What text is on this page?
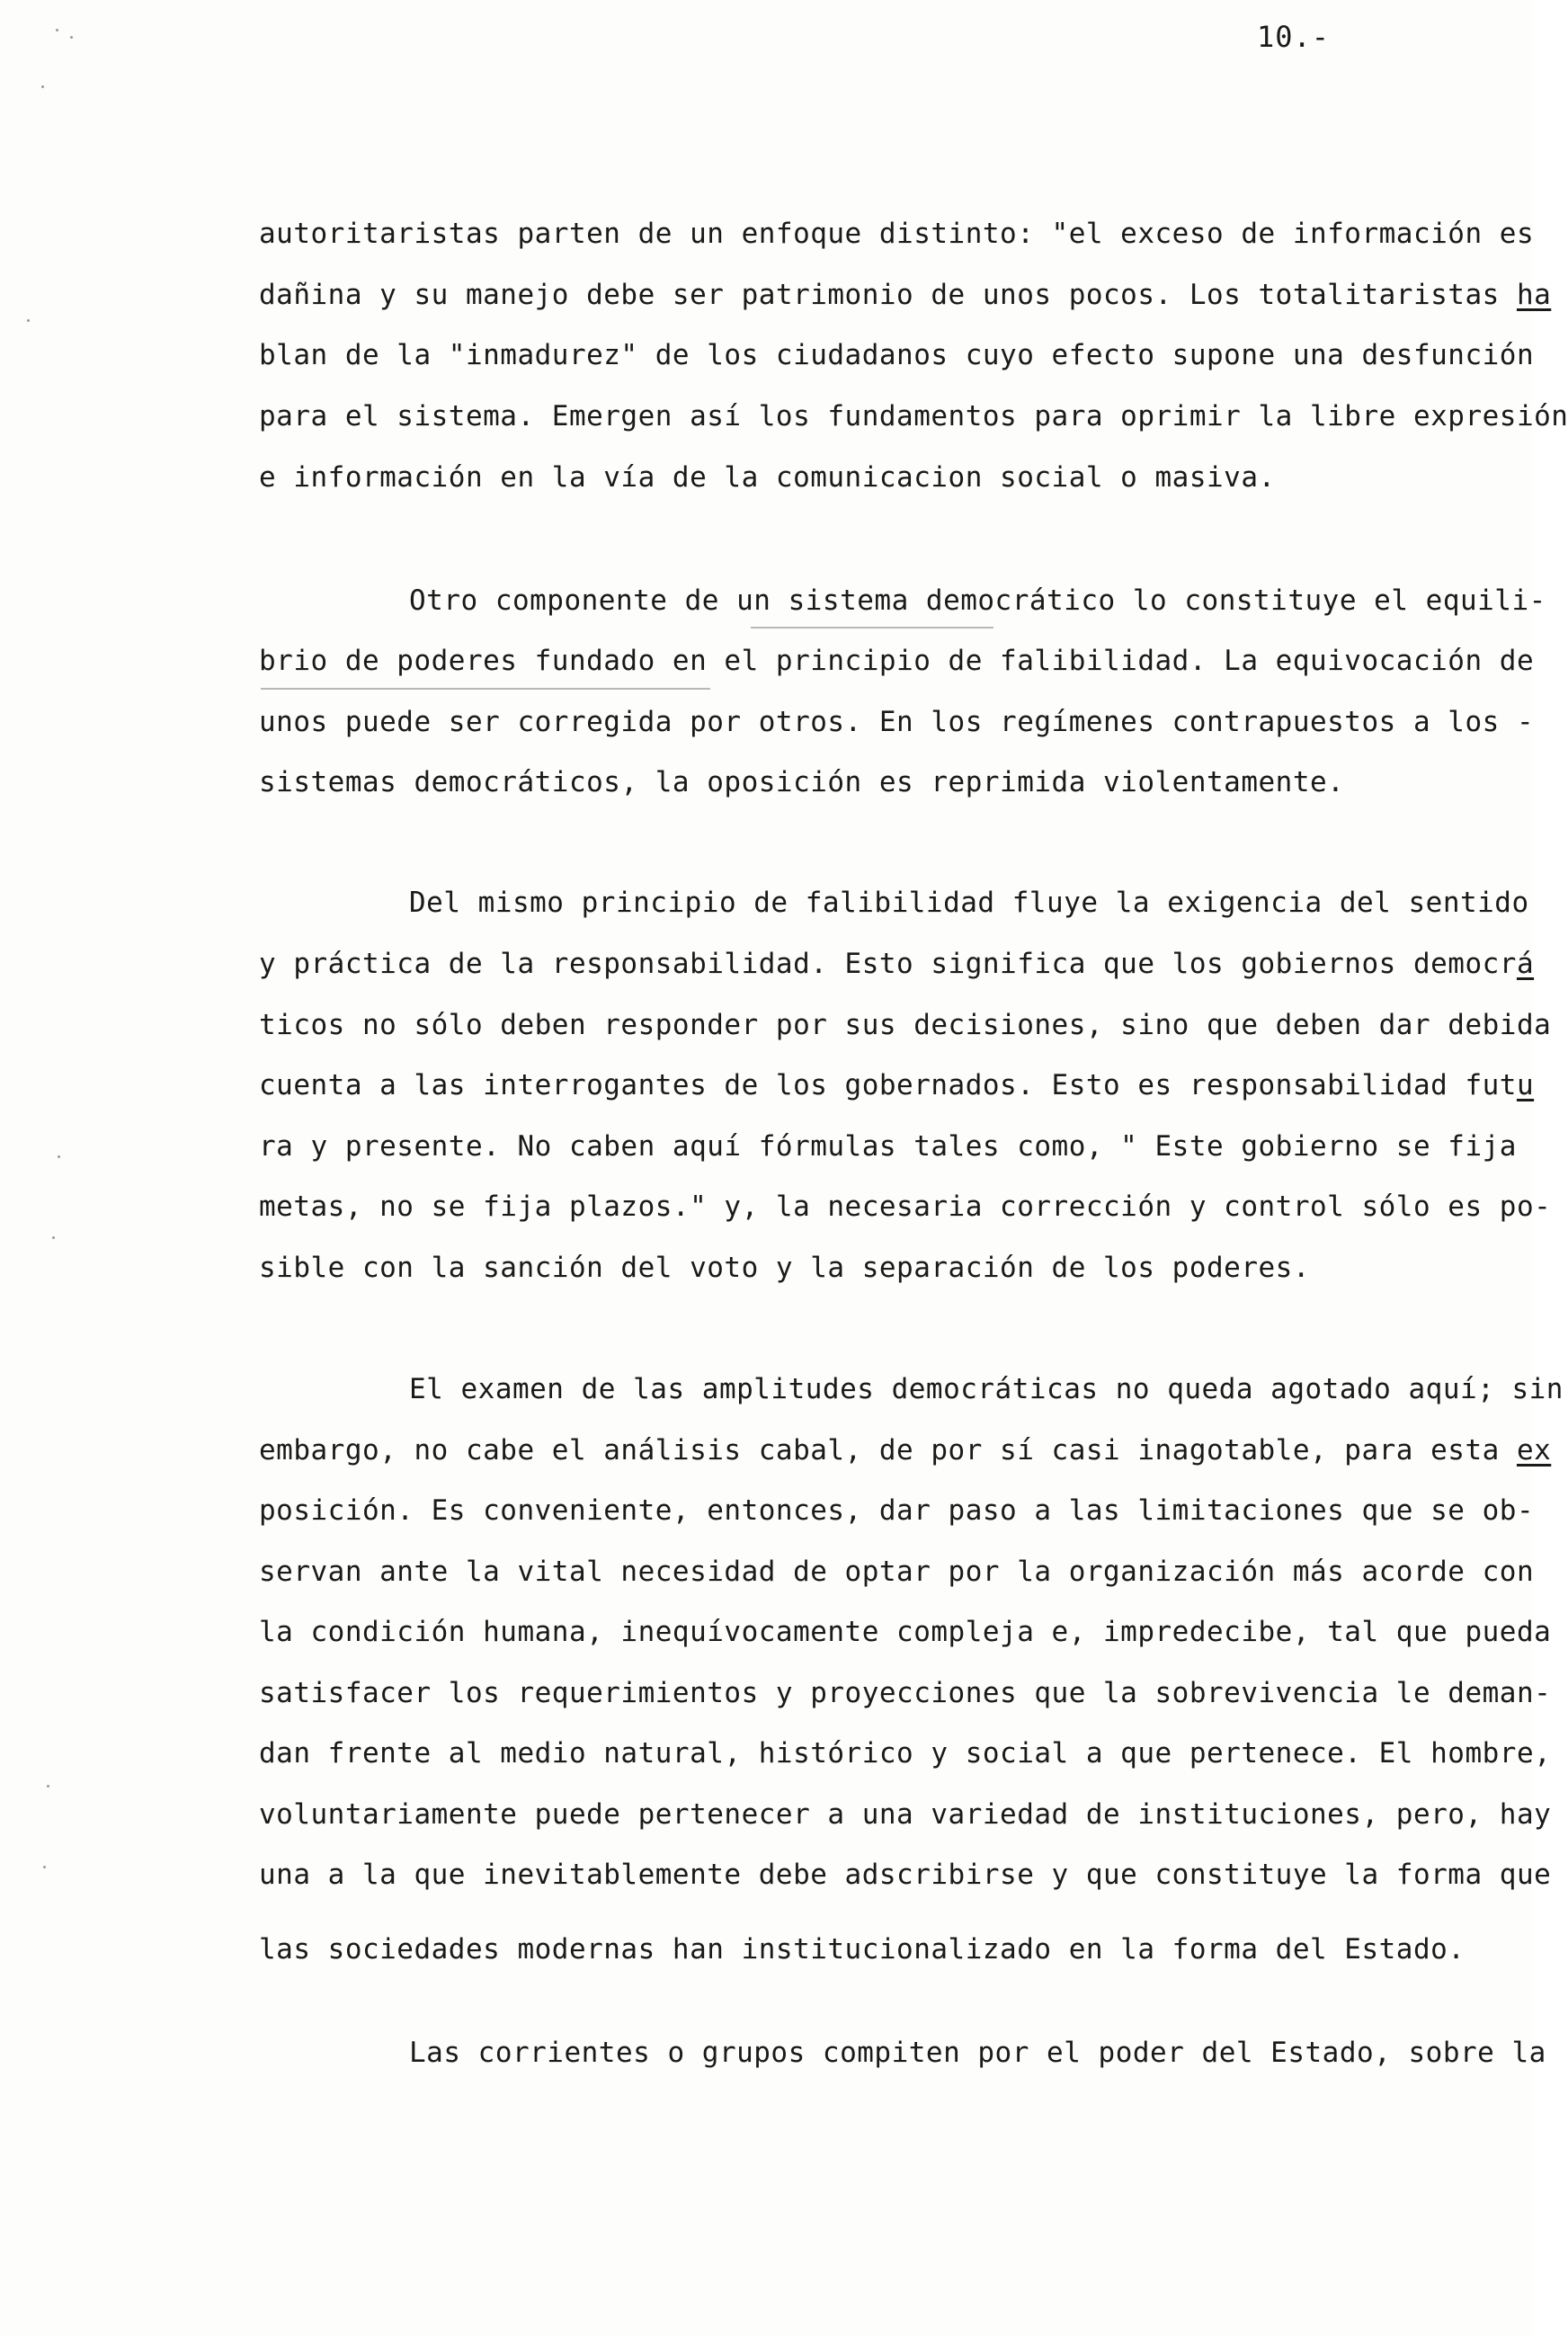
10.-
autoritaristas parten de un enfoque distinto: "el exceso de información es
dañina y su manejo debe ser patrimonio de unos pocos. Los totalitaristas ha
blan de la "inmadurez" de los ciudadanos cuyo efecto supone una desfunción
para el sistema. Emergen así los fundamentos para oprimir la libre expresión
e información en la vía de la comunicacion social o masiva.
Otro componente de un sistema democrático lo constituye el equili-
brio de poderes fundado en el principio de falibilidad. La equivocación de
unos puede ser corregida por otros. En los regímenes contrapuestos a los -
sistemas democráticos, la oposición es reprimida violentamente.
Del mismo principio de falibilidad fluye la exigencia del sentido
y práctica de la responsabilidad. Esto significa que los gobiernos democrá
ticos no sólo deben responder por sus decisiones, sino que deben dar debida
cuenta a las interrogantes de los gobernados. Esto es responsabilidad futu
ra y presente. No caben aquí fórmulas tales como, " Este gobierno se fija
metas, no se fija plazos." y, la necesaria corrección y control sólo es po-
sible con la sanción del voto y la separación de los poderes.
El examen de las amplitudes democráticas no queda agotado aquí; sin
embargo, no cabe el análisis cabal, de por sí casi inagotable, para esta ex
posición. Es conveniente, entonces, dar paso a las limitaciones que se ob-
servan ante la vital necesidad de optar por la organización más acorde con
la condición humana, inequívocamente compleja e, impredecibe, tal que pueda
satisfacer los requerimientos y proyecciones que la sobrevivencia le deman-
dan frente al medio natural, histórico y social a que pertenece. El hombre,
voluntariamente puede pertenecer a una variedad de instituciones, pero, hay
una a la que inevitablemente debe adscribirse y que constituye la forma que
las sociedades modernas han institucionalizado en la forma del Estado.
Las corrientes o grupos compiten por el poder del Estado, sobre la
